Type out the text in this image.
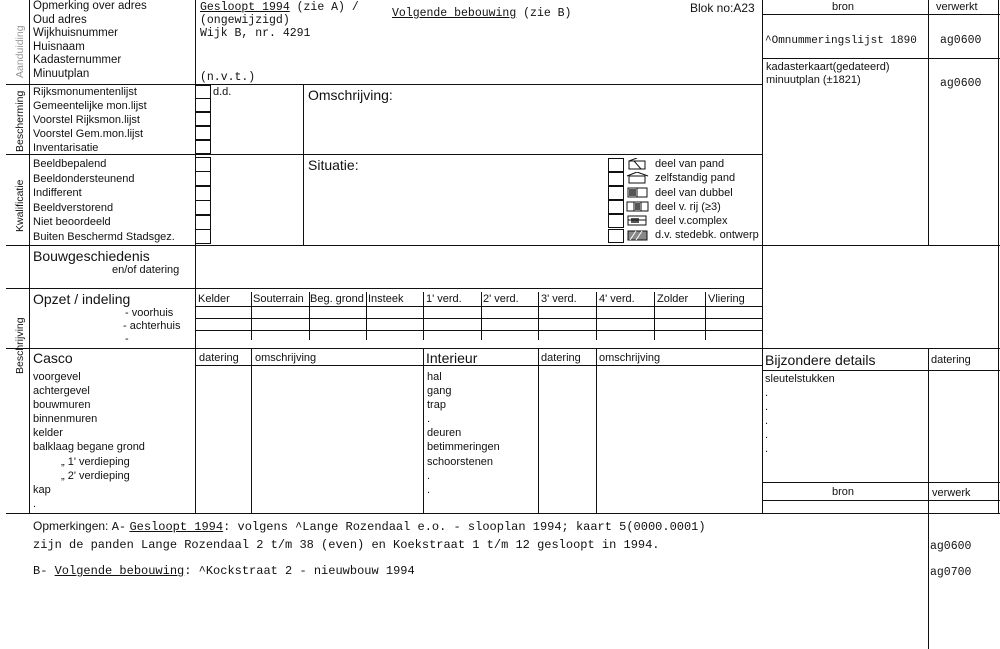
Aanduiding
Opmerking over adres
Oud adres
Wijkhuisnummer
Huisnaam
Kadasternummer
Minuutplan
Gesloopt 1994 (zie A) /	Volgende bebouwing (zie B)
(ongewijzigd)
Wijk B, nr. 4291
(n.v.t.)
Blok no:A23	bron	verwerkt
^Omnummeringslijst 1890 ag0600
kadasterkaart(gedateerd)
minuutplan (±1821)	ag0600
Bescherming Rijksmonumentenlijst
Gemeentelijke mon.lijst
Voorstel Rijksmon.lijst
Voorstel Gem.mon.lijst
Inventarisatie
d.d.	Omschrijving:
Kwalificatie
Beeldbepalend
Beeldondersteunend
Indifferent
Beeldverstorend
Niet beoordeeld
Buiten Beschermd Stadsgez.
Situatie:	deel van pand
zelfstandig pand
deel van dubbel
deel v. rij (≥3)
deel v.complex
d.v. stedebk. ontwerp
Beschrijving
Bouwgeschiedenis
en/of datering
Opzet / indeling
- voorhuis
- achterhuis
-
Kelder Souterrain Beg. grond Insteek 1' verd. 2' verd. 3' verd. 4' verd. Zolder Vliering
Casco	datering omschrijving
voorgevel
achtergevel
bouwmuren
binnenmuren
kelder
balklaag begane grond
„ 1' verdieping
„ 2' verdieping
kap
.
Interieur	datering omschrijving
hal
gang
trap
.
deuren
betimmeringen
schoorstenen
.
.
Bijzondere details	datering
sleutelstukken
.
.
.
.
.
bron	verwerk
Opmerkingen: A- Gesloopt 1994: volgens ^Lange Rozendaal e.o. - slooplan 1994; kaart 5(0000.0001)
zijn de panden Lange Rozendaal 2 t/m 38 (even) en Koekstraat 1 t/m 12 gesloopt in 1994.	ag0600
B- Volgende bebouwing: ^Kockstraat 2 - nieuwbouw 1994	ag0700
